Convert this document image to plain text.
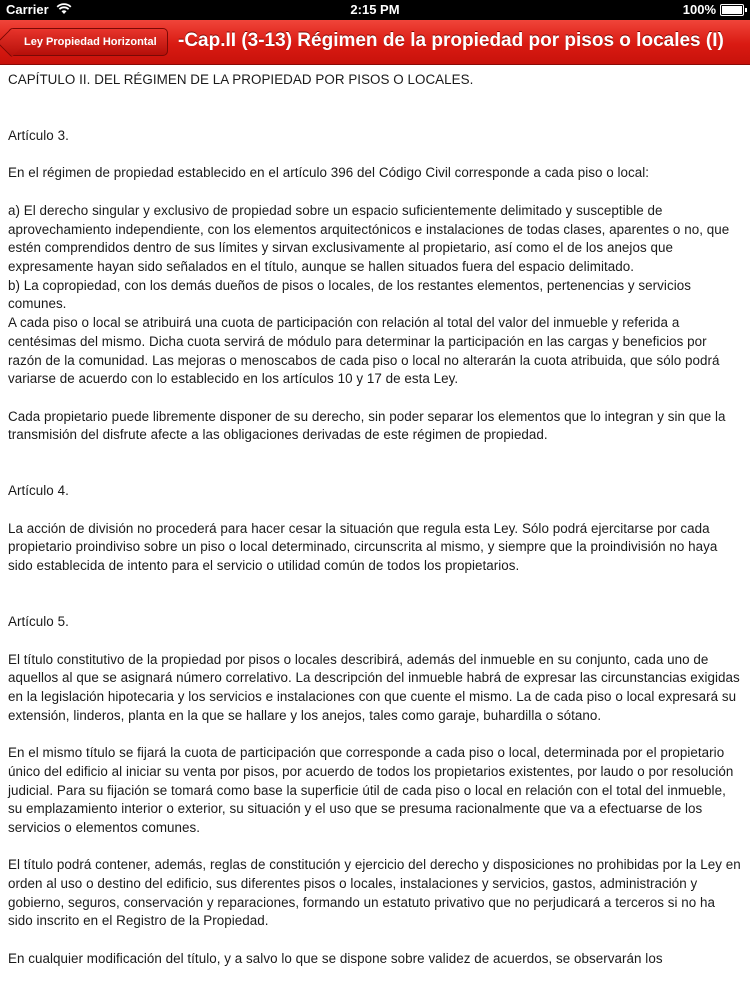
Carrier	2:15 PM	100%
Ley Propiedad Horizontal	-Cap.II (3-13) Régimen de la propiedad por pisos o locales (I)

CAPÍTULO II. DEL RÉGIMEN DE LA PROPIEDAD POR PISOS O LOCALES.

Artículo 3.

En el régimen de propiedad establecido en el artículo 396 del Código Civil corresponde a cada piso o local:

a) El derecho singular y exclusivo de propiedad sobre un espacio suficientemente delimitado y susceptible de aprovechamiento independiente, con los elementos arquitectónicos e instalaciones de todas clases, aparentes o no, que estén comprendidos dentro de sus límites y sirvan exclusivamente al propietario, así como el de los anejos que expresamente hayan sido señalados en el título, aunque se hallen situados fuera del espacio delimitado.

b) La copropiedad, con los demás dueños de pisos o locales, de los restantes elementos, pertenencias y servicios comunes.

A cada piso o local se atribuirá una cuota de participación con relación al total del valor del inmueble y referida a centésimas del mismo. Dicha cuota servirá de módulo para determinar la participación en las cargas y beneficios por razón de la comunidad. Las mejoras o menoscabos de cada piso o local no alterarán la cuota atribuida, que sólo podrá variarse de acuerdo con lo establecido en los artículos 10 y 17 de esta Ley.

Cada propietario puede libremente disponer de su derecho, sin poder separar los elementos que lo integran y sin que la transmisión del disfrute afecte a las obligaciones derivadas de este régimen de propiedad.

Artículo 4.

La acción de división no procederá para hacer cesar la situación que regula esta Ley. Sólo podrá ejercitarse por cada propietario proindiviso sobre un piso o local determinado, circunscrita al mismo, y siempre que la proindivisión no haya sido establecida de intento para el servicio o utilidad común de todos los propietarios.

Artículo 5.

El título constitutivo de la propiedad por pisos o locales describirá, además del inmueble en su conjunto, cada uno de aquellos al que se asignará número correlativo. La descripción del inmueble habrá de expresar las circunstancias exigidas en la legislación hipotecaria y los servicios e instalaciones con que cuente el mismo. La de cada piso o local expresará su extensión, linderos, planta en la que se hallare y los anejos, tales como garaje, buhardilla o sótano.

En el mismo título se fijará la cuota de participación que corresponde a cada piso o local, determinada por el propietario único del edificio al iniciar su venta por pisos, por acuerdo de todos los propietarios existentes, por laudo o por resolución judicial. Para su fijación se tomará como base la superficie útil de cada piso o local en relación con el total del inmueble, su emplazamiento interior o exterior, su situación y el uso que se presuma racionalmente que va a efectuarse de los servicios o elementos comunes.

El título podrá contener, además, reglas de constitución y ejercicio del derecho y disposiciones no prohibidas por la Ley en orden al uso o destino del edificio, sus diferentes pisos o locales, instalaciones y servicios, gastos, administración y gobierno, seguros, conservación y reparaciones, formando un estatuto privativo que no perjudicará a terceros si no ha sido inscrito en el Registro de la Propiedad.

En cualquier modificación del título, y a salvo lo que se dispone sobre validez de acuerdos, se observarán los
